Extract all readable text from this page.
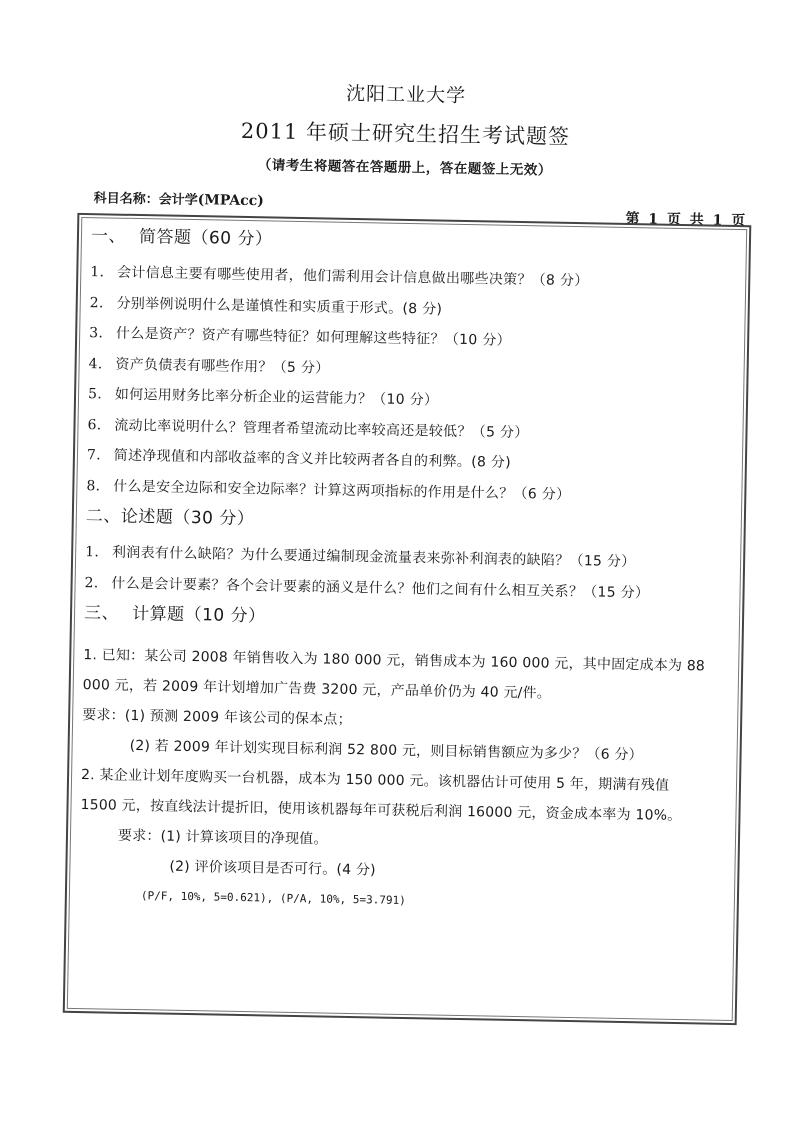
沈阳工业大学
2011 年硕士研究生招生考试题签
（请考生将题答在答题册上，答在题签上无效）
科目名称：会计学(MPAcc)
第 1 页 共 1 页
一、 简答题（60 分）
1. 会计信息主要有哪些使用者，他们需利用会计信息做出哪些决策？（8 分）
2. 分别举例说明什么是谨慎性和实质重于形式。(8 分)
3. 什么是资产？资产有哪些特征？如何理解这些特征？（10 分）
4. 资产负债表有哪些作用？（5 分）
5. 如何运用财务比率分析企业的运营能力？（10 分）
6. 流动比率说明什么？管理者希望流动比率较高还是较低？（5 分）
7. 简述净现值和内部收益率的含义并比较两者各自的利弊。(8 分)
8. 什么是安全边际和安全边际率？计算这两项指标的作用是什么？（6 分）
二、论述题（30 分）
1. 利润表有什么缺陷？为什么要通过编制现金流量表来弥补利润表的缺陷？（15 分）
2. 什么是会计要素？各个会计要素的涵义是什么？他们之间有什么相互关系？（15 分）
三、 计算题（10 分）
1. 已知：某公司 2008 年销售收入为 180 000 元，销售成本为 160 000 元，其中固定成本为 88
000 元，若 2009 年计划增加广告费 3200 元，产品单价仍为 40 元/件。
要求：(1) 预测 2009 年该公司的保本点；
(2) 若 2009 年计划实现目标利润 52 800 元，则目标销售额应为多少？（6 分）
2. 某企业计划年度购买一台机器，成本为 150 000 元。该机器估计可使用 5 年，期满有残值
1500 元，按直线法计提折旧，使用该机器每年可获税后利润 16000 元，资金成本率为 10%。
要求：(1) 计算该项目的净现值。
(2) 评价该项目是否可行。(4 分)
(P/F, 10%, 5=0.621), (P/A, 10%, 5=3.791)
